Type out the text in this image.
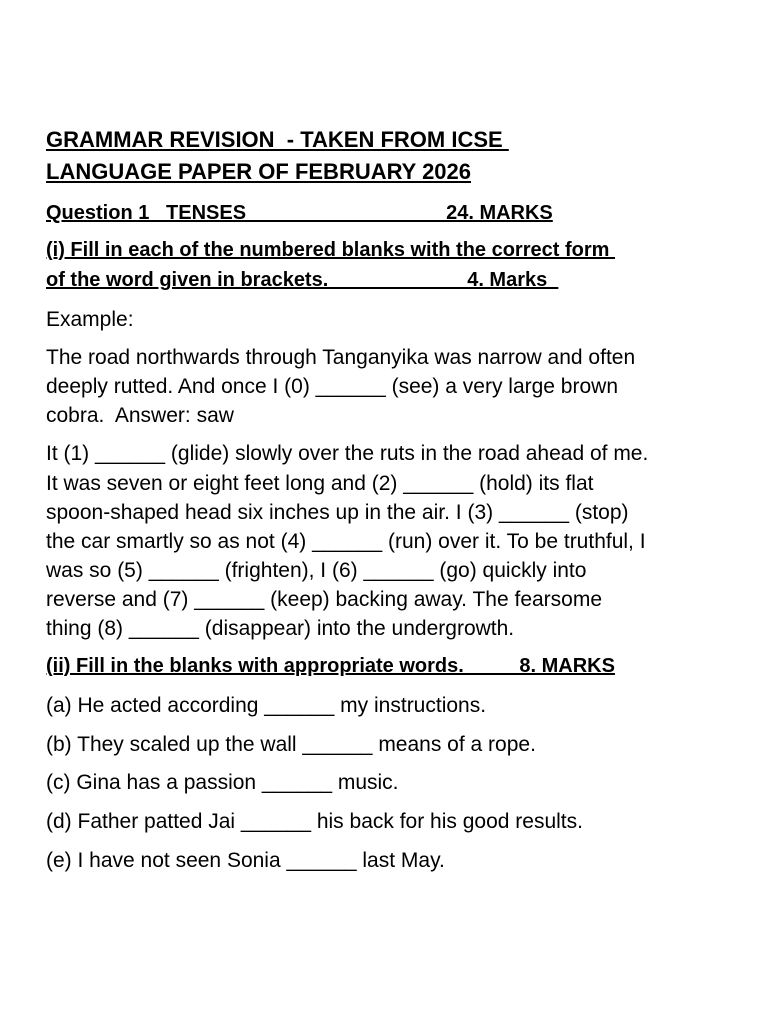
GRAMMAR REVISION  - TAKEN FROM ICSE
LANGUAGE PAPER OF FEBRUARY 2026
Question 1   TENSES                                    24. MARKS
(i) Fill in each of the numbered blanks with the correct form
of the word given in brackets.                         4. Marks
Example:
The road northwards through Tanganyika was narrow and often
deeply rutted. And once I (0) ______ (see) a very large brown
cobra.  Answer: saw
It (1) ______ (glide) slowly over the ruts in the road ahead of me.
It was seven or eight feet long and (2) ______ (hold) its flat
spoon-shaped head six inches up in the air. I (3) ______ (stop)
the car smartly so as not (4) ______ (run) over it. To be truthful, I
was so (5) ______ (frighten), I (6) ______ (go) quickly into
reverse and (7) ______ (keep) backing away. The fearsome
thing (8) ______ (disappear) into the undergrowth.
(ii) Fill in the blanks with appropriate words.          8. MARKS
(a) He acted according ______ my instructions.
(b) They scaled up the wall ______ means of a rope.
(c) Gina has a passion ______ music.
(d) Father patted Jai ______ his back for his good results.
(e) I have not seen Sonia ______ last May.
